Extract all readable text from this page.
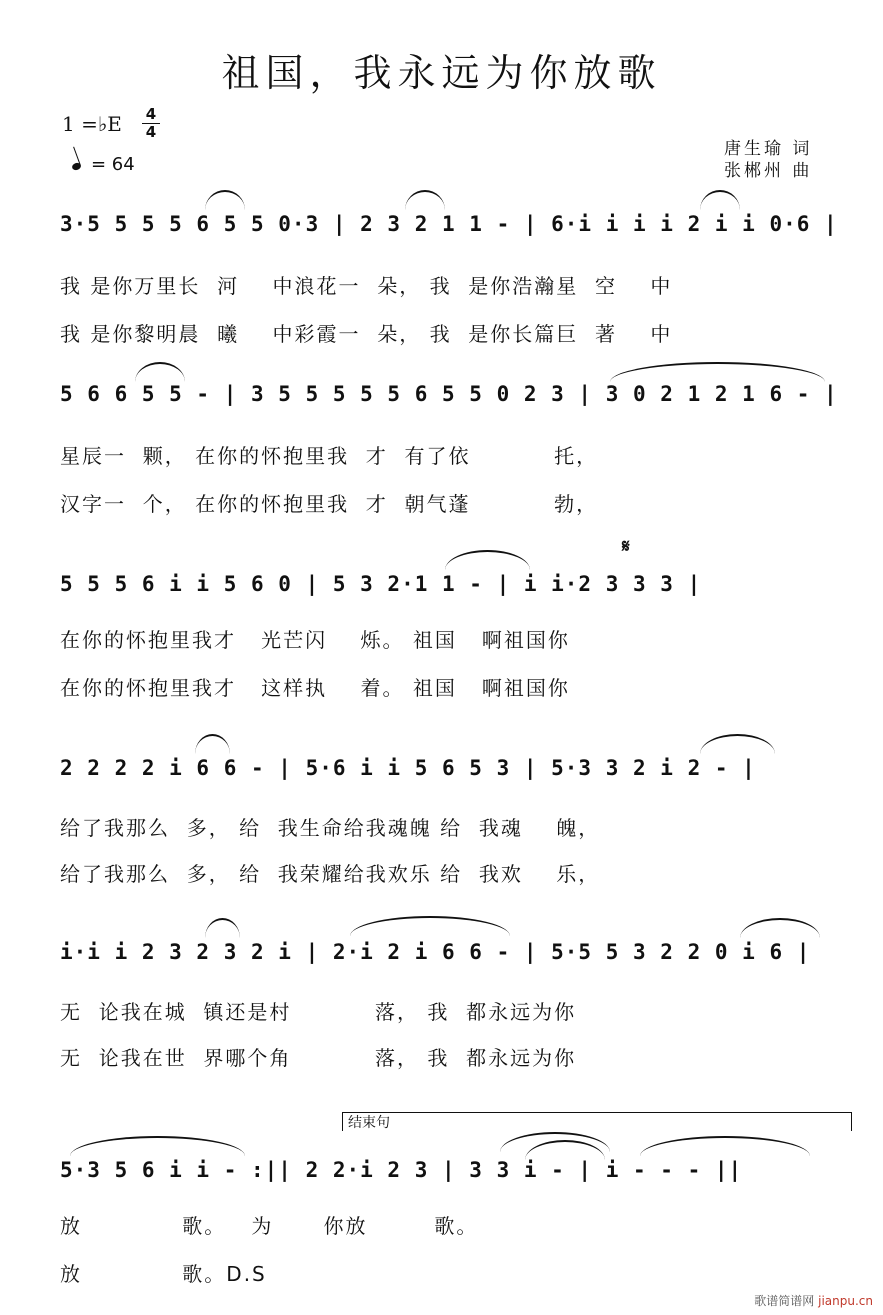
祖国，我永远为你放歌
1 =♭E 4
4
= 64
唐生瑜 词
张郴州 曲
3·5 5 5 5 6 5 5 0·3 | 2 3 2 1 1 - | 6·i i i i 2 i i 0·6 |
我 是你万里长  河    中浪花一  朵， 我  是你浩瀚星  空    中
我 是你黎明晨  曦    中彩霞一  朵， 我  是你长篇巨  著    中
5 6 6 5 5 - | 3 5 5 5 5 5 6 5 5 0 2 3 | 3 0 2 1 2 1 6 - |
星辰一  颗， 在你的怀抱里我  才  有了依          托，
汉字一  个， 在你的怀抱里我  才  朝气蓬          勃，
𝄋
5 5 5 6 i i 5 6 0 | 5 3 2·1 1 - | i i·2 3 3 3 |
在你的怀抱里我才   光芒闪    烁。 祖国   啊祖国你
在你的怀抱里我才   这样执    着。 祖国   啊祖国你
2 2 2 2 i 6 6 - | 5·6 i i 5 6 5 3 | 5·3 3 2 i 2 - |
给了我那么  多， 给  我生命给我魂魄 给  我魂    魄，
给了我那么  多， 给  我荣耀给我欢乐 给  我欢    乐，
i·i i 2 3 2 3 2 i | 2·i 2 i 6 6 - | 5·5 5 3 2 2 0 i 6 |
无  论我在城  镇还是村          落， 我  都永远为你
无  论我在世  界哪个角          落， 我  都永远为你
结束句
5·3 5 6 i i - :|| 2 2·i 2 3 | 3 3 i - | i - - - ||
放            歌。   为      你放        歌。
放            歌。D.S
歌谱简谱网 jianpu.cn
